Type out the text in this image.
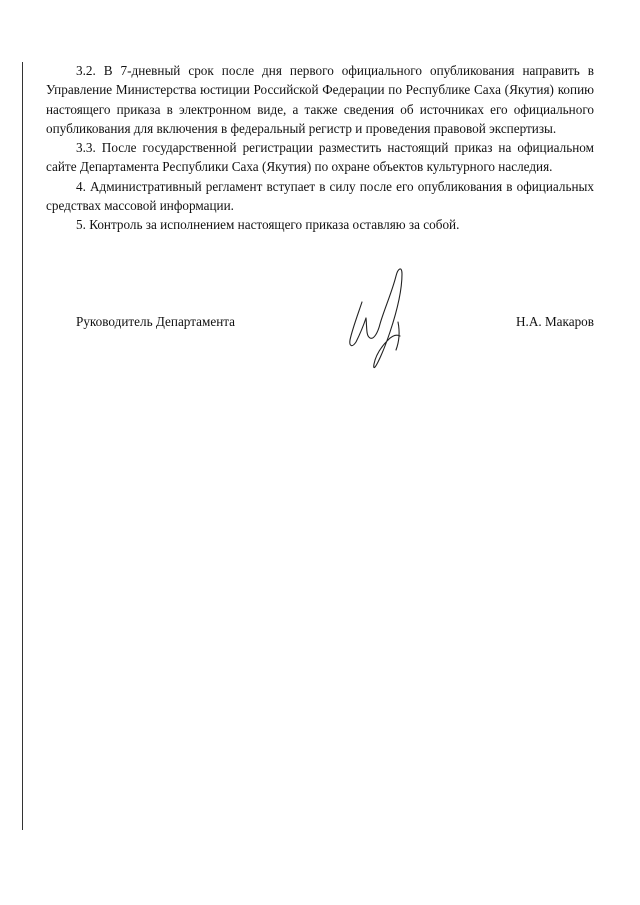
3.2. В 7-дневный срок после дня первого официального опубликования направить в Управление Министерства юстиции Российской Федерации по Республике Саха (Якутия) копию настоящего приказа в электронном виде, а также сведения об источниках его официального опубликования для включения в федеральный регистр и проведения правовой экспертизы.

3.3. После государственной регистрации разместить настоящий приказ на официальном сайте Департамента Республики Саха (Якутия) по охране объектов культурного наследия.

4. Административный регламент вступает в силу после его опубликования в официальных средствах массовой информации.

5. Контроль за исполнением настоящего приказа оставляю за собой.

Руководитель Департамента	Н.А. Макаров
